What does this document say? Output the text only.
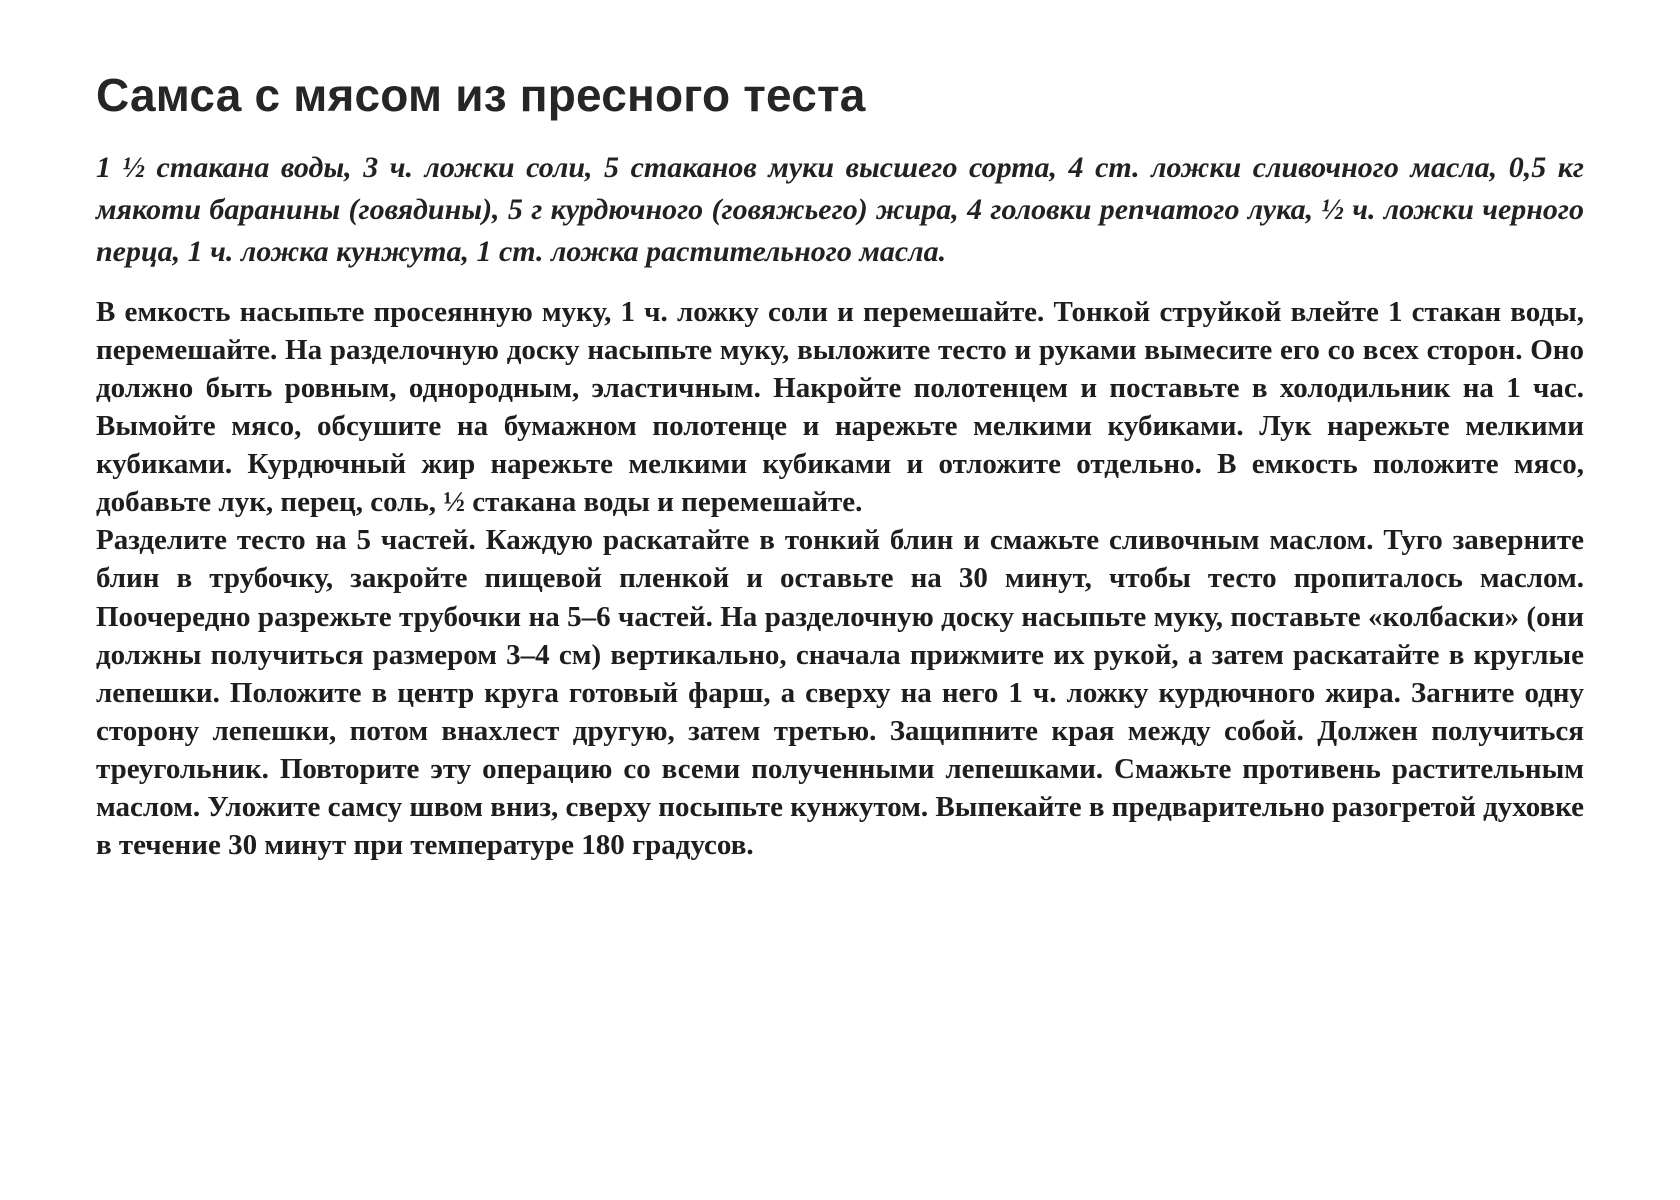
Самса с мясом из пресного теста

1 ½ стакана воды, 3 ч. ложки соли, 5 стаканов муки высшего сорта, 4 ст. ложки сливочного масла, 0,5 кг мякоти баранины (говядины), 5 г курдючного (говяжьего) жира, 4 головки репчатого лука, ½ ч. ложки черного перца, 1 ч. ложка кунжута, 1 ст. ложка растительного масла.

В емкость насыпьте просеянную муку, 1 ч. ложку соли и перемешайте. Тонкой струйкой влейте 1 стакан воды, перемешайте. На разделочную доску насыпьте муку, выложите тесто и руками вымесите его со всех сторон. Оно должно быть ровным, однородным, эластичным. Накройте полотенцем и поставьте в холодильник на 1 час. Вымойте мясо, обсушите на бумажном полотенце и нарежьте мелкими кубиками. Лук нарежьте мелкими кубиками. Курдючный жир нарежьте мелкими кубиками и отложите отдельно. В емкость положите мясо, добавьте лук, перец, соль, ½ стакана воды и перемешайте.

Разделите тесто на 5 частей. Каждую раскатайте в тонкий блин и смажьте сливочным маслом. Туго заверните блин в трубочку, закройте пищевой пленкой и оставьте на 30 минут, чтобы тесто пропиталось маслом. Поочередно разрежьте трубочки на 5–6 частей. На разделочную доску насыпьте муку, поставьте «колбаски» (они должны получиться размером 3–4 см) вертикально, сначала прижмите их рукой, а затем раскатайте в круглые лепешки. Положите в центр круга готовый фарш, а сверху на него 1 ч. ложку курдючного жира. Загните одну сторону лепешки, потом внахлест другую, затем третью. Защипните края между собой. Должен получиться треугольник. Повторите эту операцию со всеми полученными лепешками. Смажьте противень растительным маслом. Уложите самсу швом вниз, сверху посыпьте кунжутом. Выпекайте в предварительно разогретой духовке в течение 30 минут при температуре 180 градусов.
